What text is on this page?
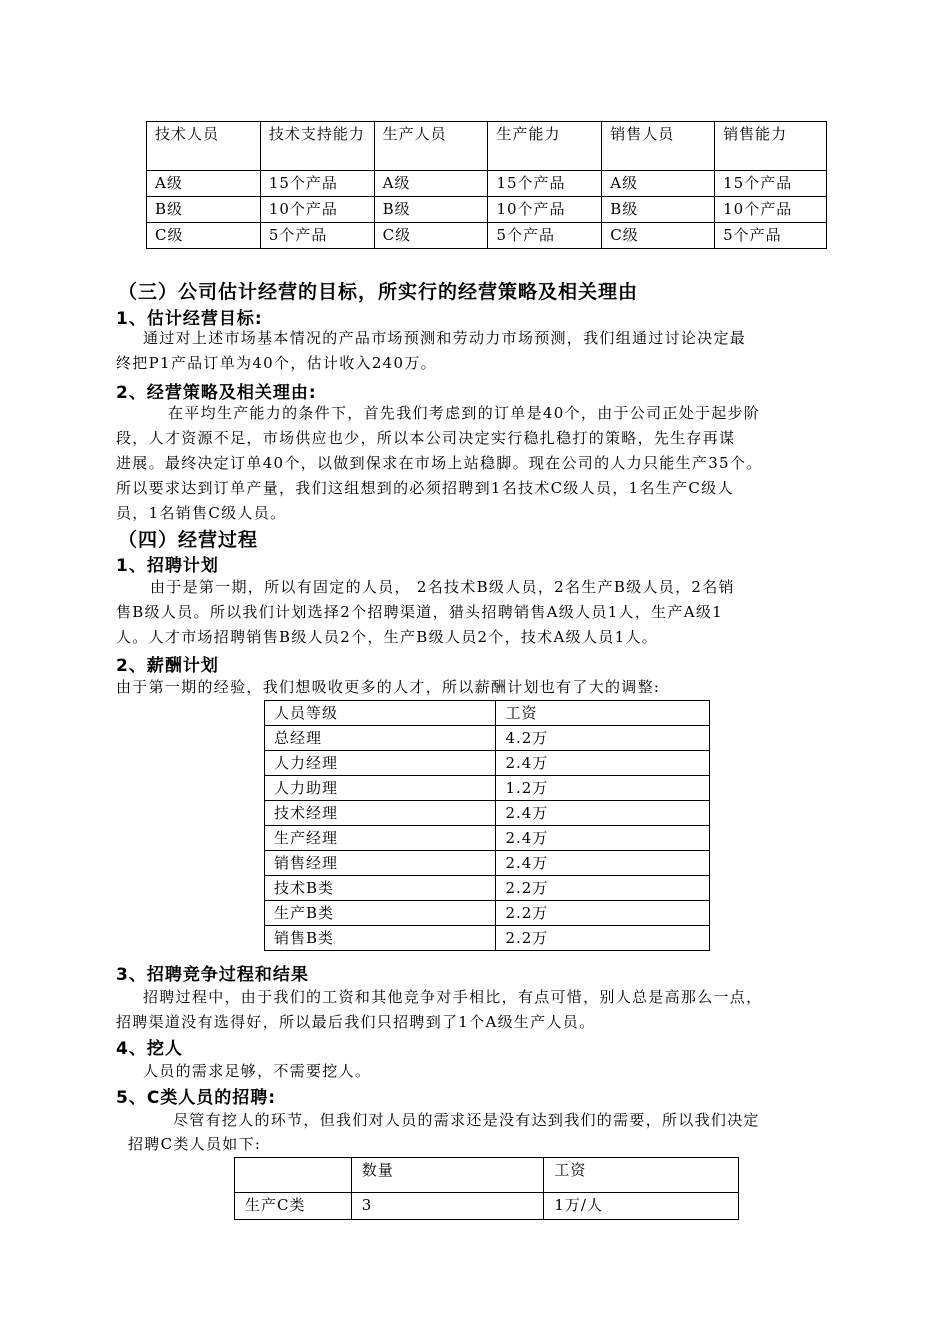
技术人员	技术支持能力	生产人员	生产能力	销售人员	销售能力
A级	15个产品	A级	15个产品	A级	15个产品
B级	10个产品	B级	10个产品	B级	10个产品
C级	5个产品	C级	5个产品	C级	5个产品
（三）公司估计经营的目标，所实行的经营策略及相关理由
1、估计经营目标:
通过对上述市场基本情况的产品市场预测和劳动力市场预测，我们组通过讨论决定最
终把P1产品订单为40个，估计收入240万。
2、经营策略及相关理由:
在平均生产能力的条件下，首先我们考虑到的订单是40个，由于公司正处于起步阶
段，人才资源不足，市场供应也少，所以本公司决定实行稳扎稳打的策略，先生存再谋
进展。最终决定订单40个，以做到保求在市场上站稳脚。现在公司的人力只能生产35个。
所以要求达到订单产量，我们这组想到的必须招聘到1名技术C级人员，1名生产C级人
员，1名销售C级人员。
（四）经营过程
1、招聘计划
由于是第一期，所以有固定的人员， 2名技术B级人员，2名生产B级人员，2名销
售B级人员。所以我们计划选择2个招聘渠道，猎头招聘销售A级人员1人，生产A级1
人。人才市场招聘销售B级人员2个，生产B级人员2个，技术A级人员1人。
2、薪酬计划
由于第一期的经验，我们想吸收更多的人才，所以薪酬计划也有了大的调整:
人员等级	工资
总经理	4.2万
人力经理	2.4万
人力助理	1.2万
技术经理	2.4万
生产经理	2.4万
销售经理	2.4万
技术B类	2.2万
生产B类	2.2万
销售B类	2.2万
3、招聘竞争过程和结果
招聘过程中，由于我们的工资和其他竞争对手相比，有点可惜，别人总是高那么一点，
招聘渠道没有选得好，所以最后我们只招聘到了1个A级生产人员。
4、挖人
人员的需求足够，不需要挖人。
5、C类人员的招聘:
尽管有挖人的环节，但我们对人员的需求还是没有达到我们的需要，所以我们决定
招聘C类人员如下:
	数量	工资
生产C类	3	1万/人
